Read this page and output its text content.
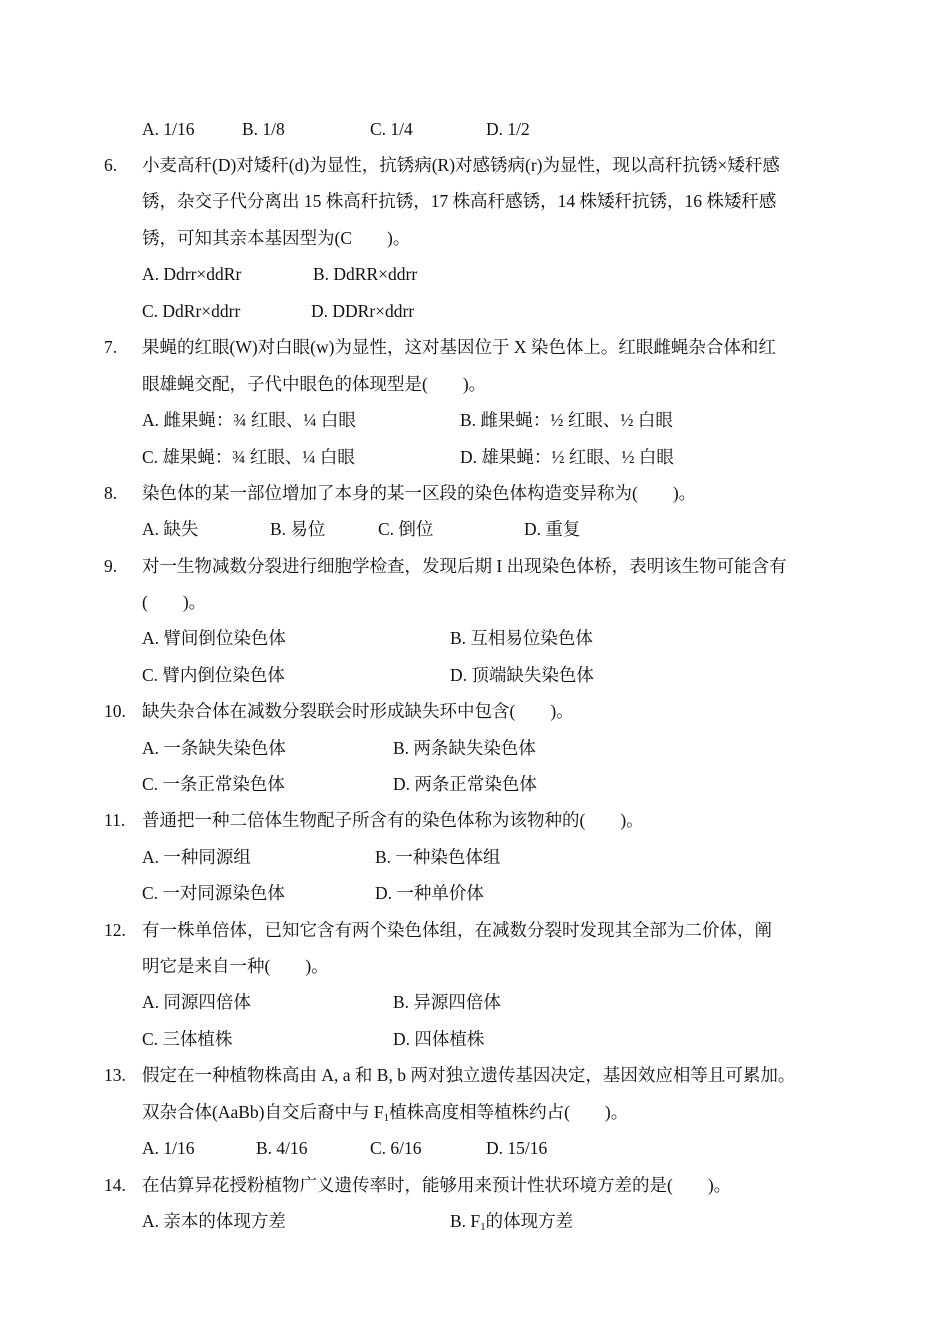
A. 1/16	B. 1/8	C. 1/4	D. 1/2
6. 小麦高秆(D)对矮秆(d)为显性，抗锈病(R)对感锈病(r)为显性，现以高秆抗锈×矮秆感
锈，杂交子代分离出 15 株高秆抗锈，17 株高秆感锈，14 株矮秆抗锈，16 株矮秆感
锈，可知其亲本基因型为(C　　)。
A. Ddrr×ddRr	B. DdRR×ddrr
C. DdRr×ddrr	D. DDRr×ddrr
7. 果蝇的红眼(W)对白眼(w)为显性，这对基因位于 X 染色体上。红眼雌蝇杂合体和红
眼雄蝇交配，子代中眼色的体现型是(　　)。
A. 雌果蝇：¾ 红眼、¼ 白眼	B. 雌果蝇：½ 红眼、½ 白眼
C. 雄果蝇：¾ 红眼、¼ 白眼	D. 雄果蝇：½ 红眼、½ 白眼
8. 染色体的某一部位增加了本身的某一区段的染色体构造变异称为(　　)。
A. 缺失	B. 易位	C. 倒位	D. 重复
9. 对一生物减数分裂进行细胞学检查，发现后期 I 出现染色体桥，表明该生物可能含有
(　　)。
A. 臂间倒位染色体	B. 互相易位染色体
C. 臂内倒位染色体	D. 顶端缺失染色体
10. 缺失杂合体在减数分裂联会时形成缺失环中包含(　　)。
A. 一条缺失染色体	B. 两条缺失染色体
C. 一条正常染色体	D. 两条正常染色体
11. 普通把一种二倍体生物配子所含有的染色体称为该物种的(　　)。
A. 一种同源组	B. 一种染色体组
C. 一对同源染色体	D. 一种单价体
12. 有一株单倍体，已知它含有两个染色体组，在减数分裂时发现其全部为二价体，阐
明它是来自一种(　　)。
A. 同源四倍体	B. 异源四倍体
C. 三体植株	D. 四体植株
13. 假定在一种植物株高由 A, a 和 B, b 两对独立遗传基因决定，基因效应相等且可累加。
双杂合体(AaBb)自交后裔中与 $F_1$植株高度相等植株约占(　　)。
A. 1/16	B. 4/16	C. 6/16	D. 15/16
14. 在估算异花授粉植物广义遗传率时，能够用来预计性状环境方差的是(　　)。
A. 亲本的体现方差	B. $F_1$的体现方差
